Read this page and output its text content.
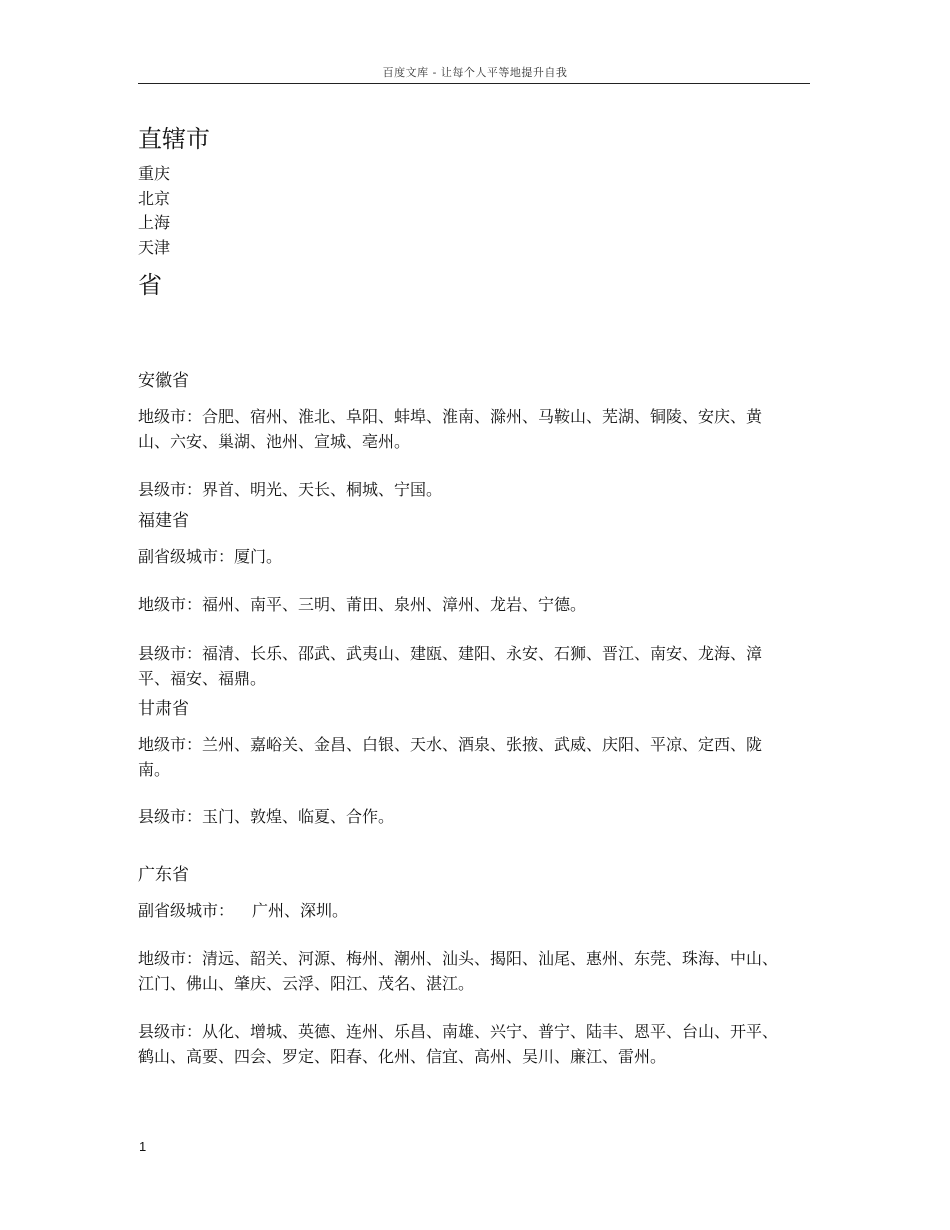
百度文库 - 让每个人平等地提升自我
直辖市
重庆
北京
上海
天津
省
安徽省

地级市：合肥、宿州、淮北、阜阳、蚌埠、淮南、滁州、马鞍山、芜湖、铜陵、安庆、黄山、六安、巢湖、池州、宣城、亳州。

县级市：界首、明光、天长、桐城、宁国。

福建省

副省级城市：厦门。

地级市：福州、南平、三明、莆田、泉州、漳州、龙岩、宁德。

县级市：福清、长乐、邵武、武夷山、建瓯、建阳、永安、石狮、晋江、南安、龙海、漳平、福安、福鼎。

甘肃省

地级市：兰州、嘉峪关、金昌、白银、天水、酒泉、张掖、武威、庆阳、平凉、定西、陇南。

县级市：玉门、敦煌、临夏、合作。

广东省

副省级城市： 广州、深圳。

地级市：清远、韶关、河源、梅州、潮州、汕头、揭阳、汕尾、惠州、东莞、珠海、中山、江门、佛山、肇庆、云浮、阳江、茂名、湛江。

县级市：从化、增城、英德、连州、乐昌、南雄、兴宁、普宁、陆丰、恩平、台山、开平、鹤山、高要、四会、罗定、阳春、化州、信宜、高州、吴川、廉江、雷州。

1
